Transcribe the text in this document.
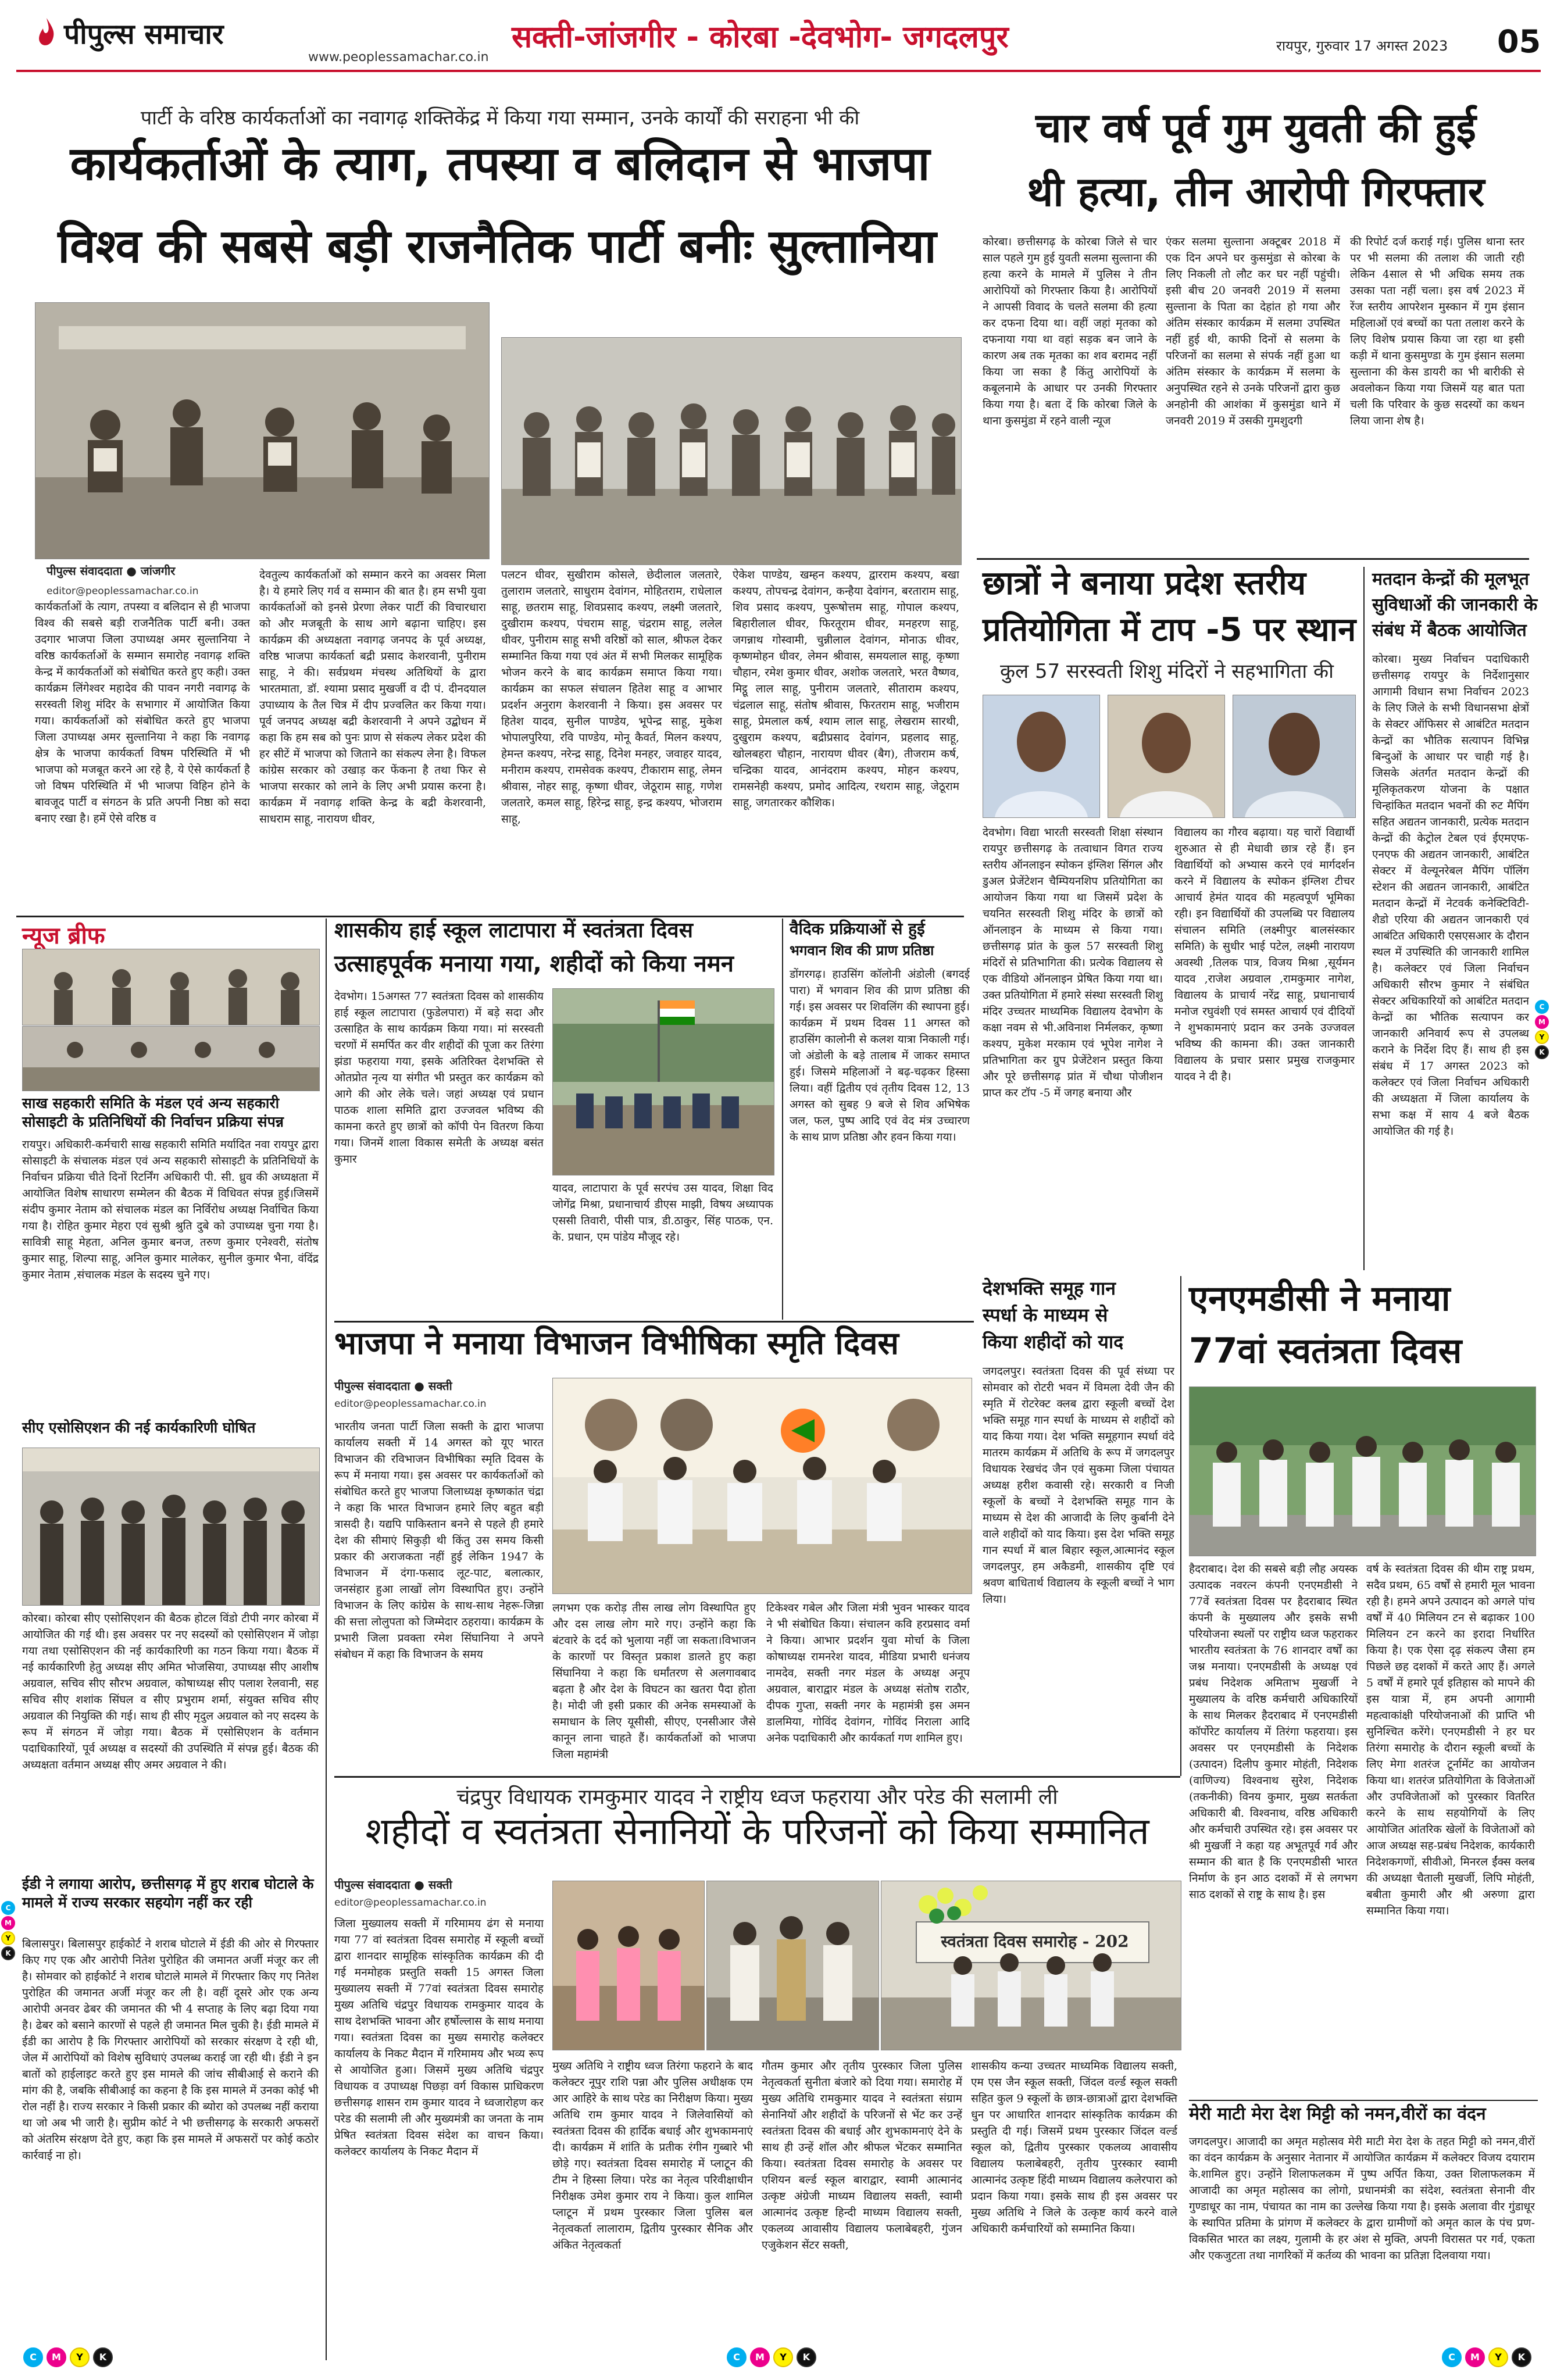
पीपुल्स समाचार
www.peoplessamachar.co.in
सक्ती-जांजगीर - कोरबा -देवभोग- जगदलपुर	रायपुर, गुरुवार 17 अगस्त 2023 05
पार्टी के वरिष्ठ कार्यकर्ताओं का नवागढ़ शक्तिकेंद्र में किया गया सम्मान, उनके कार्यों की सराहना भी की
कार्यकर्ताओं के त्याग, तपस्या व बलिदान से भाजपा
विश्व की सबसे बड़ी राजनैतिक पार्टी बनीः सुल्तानिया
पीपुल्स संवाददाता ● जांजगीर
editor@peoplessamachar.co.in
कार्यकर्ताओं के त्याग, तपस्या व बलिदान से ही भाजपा विश्व की सबसे बड़ी राजनैतिक पार्टी बनी। उक्त उदगार भाजपा जिला उपाध्यक्ष अमर सुल्तानिया ने वरिष्ठ कार्यकर्ताओं के सम्मान समारोह नवागढ़ शक्ति केन्द्र में कार्यकर्ताओं को संबोधित करते हुए कही। उक्त कार्यक्रम लिंगेश्वर महादेव की पावन नगरी नवागढ़ के सरस्वती शिशु मंदिर के सभागार में आयोजित किया गया। कार्यकर्ताओं को संबोधित करते हुए भाजपा जिला उपाध्यक्ष अमर सुल्तानिया ने कहा कि नवागढ़ क्षेत्र के भाजपा कार्यकर्ता विषम परिस्थिति में भी भाजपा को मजबूत करने आ रहे है, ये ऐसे कार्यकर्ता है जो विषम परिस्थिति में भी भाजपा विहिन होने के बावजूद पार्टी व संगठन के प्रति अपनी निष्ठा को सदा बनाए रखा है। हमें ऐसे वरिष्ठ व
देवतुल्य कार्यकर्ताओं को सम्मान करने का अवसर मिला है। ये हमारे लिए गर्व व सम्मान की बात है। हम सभी युवा कार्यकर्ताओं को इनसे प्रेरणा लेकर पार्टी की विचारधारा को और मजबूती के साथ आगे बढ़ाना चाहिए। इस कार्यक्रम की अध्यक्षता नवागढ़ जनपद के पूर्व अध्यक्ष, वरिष्ठ भाजपा कार्यकर्ता बद्री प्रसाद केशरवानी, पुनीराम साहू, ने की। सर्वप्रथम मंचस्थ अतिथियों के द्वारा भारतमाता, डॉ. श्यामा प्रसाद मुखर्जी व दी पं. दीनदयाल उपाध्याय के तैल चित्र में दीप प्रज्वलित कर किया गया। पूर्व जनपद अध्यक्ष बद्री केशरवानी ने अपने उद्बोधन में कहा कि हम सब को पुनः प्राण से संकल्प लेकर प्रदेश की हर सीटें में भाजपा को जिताने का संकल्प लेना है। विफल कांग्रेस सरकार को उखाड़ कर फेंकना है तथा फिर से भाजपा सरकार को लाने के लिए अभी प्रयास करना है। कार्यक्रम में नवागढ़ शक्ति केन्द्र के बद्री केशरवानी, साधराम साहू, नारायण धीवर,
पलटन धीवर, सुखीराम कोसले, छेदीलाल जलतारे, तुलाराम जलतारे, साधुराम देवांगन, मोहितराम, राधेलाल साहू, छतराम साहू, शिवप्रसाद कश्यप, लक्ष्मी जलतारे, दुखीराम कश्यप, पंचराम साहू, चंद्रराम साहू, ललेल धीवर, पुनीराम साहू सभी वरिष्ठों को साल, श्रीफल देकर सम्मानित किया गया एवं अंत में सभी मिलकर सामूहिक भोजन करने के बाद कार्यक्रम समाप्त किया गया। कार्यक्रम का सफल संचालन हितेश साहू व आभार प्रदर्शन अनुराग केशरवानी ने किया। इस अवसर पर हितेश यादव, सुनील पाण्डेय, भूपेन्द्र साहू, मुकेश भोपालपुरिया, रवि पाण्डेय, मोनू कैवर्त, मिलन कश्यप, हेमन्त कश्यप, नरेन्द्र साहू, दिनेश मनहर, जवाहर यादव, मनीराम कश्यप, रामसेवक कश्यप, टीकाराम साहू, लेमन श्रीवास, नोहर साहू, कृष्णा धीवर, जेठूराम साहू, गणेश जलतारे, कमल साहू, हिरेन्द्र साहू, इन्द्र कश्यप, भोजराम साहू,
ऐकेश पाण्डेय, खम्हन कश्यप, द्वारराम कश्यप, बखा कश्यप, तोपचन्द्र देवांगन, कन्हैया देवांगन, बरताराम साहू, शिव प्रसाद कश्यप, पुरूषोत्तम साहू, गोपाल कश्यप, बिहारीलाल धीवर, फिरतूराम धीवर, मनहरण साहू, जगन्नाथ गोस्वामी, चुन्नीलाल देवांगन, मोनाऊ धीवर, कृष्णमोहन धीवर, लेमन श्रीवास, समयलाल साहू, कृष्णा चौहान, रमेश कुमार धीवर, अशोक जलतारे, भरत वैष्णव, मिट्ठू लाल साहू, पुनीराम जलतारे, सीताराम कश्यप, चंद्रलाल साहू, संतोष श्रीवास, फिरतराम साहू, भजीराम साहू, प्रेमलाल कर्ष, श्याम लाल साहू, लेखराम सारथी, दुखुराम कश्यप, बद्रीप्रसाद देवांगन, प्रहलाद साहू, खोलबहरा चौहान, नारायण धीवर (बैग), तीजराम कर्ष, चन्द्रिका यादव, आनंदराम कश्यप, मोहन कश्यप, रामसनेही कश्यप, प्रमोद आदित्य, रथराम साहू, जेठूराम साहू, जगतारकर कौशिक।
चार वर्ष पूर्व गुम युवती की हुई
थी हत्या, तीन आरोपी गिरफ्तार
कोरबा। छत्तीसगढ़ के कोरबा जिले से चार साल पहले गुम हुई युवती सलमा सुल्ताना की हत्या करने के मामले में पुलिस ने तीन आरोपियों को गिरफ्तार किया है। आरोपियों ने आपसी विवाद के चलते सलमा की हत्या कर दफना दिया था। वहीं जहां मृतका को दफनाया गया था वहां सड़क बन जाने के कारण अब तक मृतका का शव बरामद नहीं किया जा सका है किंतु आरोपियों के कबूलनामे के आधार पर उनकी गिरफ्तार किया गया है। बता दें कि कोरबा जिले के थाना कुसमुंडा में रहने वाली न्यूज
एंकर सलमा सुल्ताना अक्टूबर 2018 में एक दिन अपने घर कुसमुंडा से कोरबा के लिए निकली तो लौट कर घर नहीं पहुंची। इसी बीच 20 जनवरी 2019 में सलमा सुल्ताना के पिता का देहांत हो गया और अंतिम संस्कार कार्यक्रम में सलमा उपस्थित नहीं हुई थी, काफी दिनों से सलमा के परिजनों का सलमा से संपर्क नहीं हुआ था अंतिम संस्कार के कार्यक्रम में सलमा के अनुपस्थित रहने से उनके परिजनों द्वारा कुछ अनहोनी की आशंका में कुसमुंडा थाने में जनवरी 2019 में उसकी गुमशुदगी
की रिपोर्ट दर्ज कराई गई। पुलिस थाना स्तर पर भी सलमा की तलाश की जाती रही लेकिन 4साल से भी अधिक समय तक उसका पता नहीं चला। इस वर्ष 2023 में रेंज स्तरीय आपरेशन मुस्कान में गुम इंसान महिलाओं एवं बच्चों का पता तलाश करने के लिए विशेष प्रयास किया जा रहा था इसी कड़ी में थाना कुसमुण्डा के गुम इंसान सलमा सुल्ताना की केस डायरी का भी बारीकी से अवलोकन किया गया जिसमें यह बात पता चली कि परिवार के कुछ सदस्यों का कथन लिया जाना शेष है।
छात्रों ने बनाया प्रदेश स्तरीय
प्रतियोगिता में टाप -5 पर स्थान
कुल 57 सरस्वती शिशु मंदिरों ने सहभागिता की
देवभोग। विद्या भारती सरस्वती शिक्षा संस्थान रायपुर छत्तीसगढ़ के तत्वाधान विगत राज्य स्तरीय ऑनलाइन स्पोकन इंग्लिश सिंगल और डुअल प्रेजेंटेशन चैम्पियनशिप प्रतियोगिता का आयोजन किया गया था जिसमें प्रदेश के चयनित सरस्वती शिशु मंदिर के छात्रों को ऑनलाइन के माध्यम से किया गया। छत्तीसगढ़ प्रांत के कुल 57 सरस्वती शिशु मंदिरों से प्रतिभागिता की। प्रत्येक विद्यालय से एक वीडियो ऑनलाइन प्रेषित किया गया था। उक्त प्रतियोगिता में हमारे संस्था सरस्वती शिशु मंदिर उच्चतर माध्यमिक विद्यालय देवभोग के कक्षा नवम से भी.अविनाश निर्मलकर, कृष्णा कश्यप, मुकेश मरकाम एवं भूपेश नागेश ने प्रतिभागिता कर ग्रुप प्रेजेंटेशन प्रस्तुत किया और पूरे छत्तीसगढ़ प्रांत में चौथा पोजीशन प्राप्त कर टॉप -5 में जगह बनाया और
विद्यालय का गौरव बढ़ाया। यह चारों विद्यार्थी शुरुआत से ही मेधावी छात्र रहे हैं। इन विद्यार्थियों को अभ्यास करने एवं मार्गदर्शन करने में विद्यालय के स्पोकन इंग्लिश टीचर आचार्य हेमंत यादव की महत्वपूर्ण भूमिका रही। इन विद्यार्थियों की उपलब्धि पर विद्यालय संचालन समिति (लक्ष्मीपुर बालसंस्कार समिति) के सुधीर भाई पटेल, लक्ष्मी नारायण अवस्थी ,तिलक पात्र, विजय मिश्रा ,सूर्यमन यादव ,राजेश अग्रवाल ,रामकुमार नागेश, विद्यालय के प्राचार्य नरेंद्र साहू, प्रधानाचार्य मनोज रघुवंशी एवं समस्त आचार्य एवं दीदियों ने शुभकामनाएं प्रदान कर उनके उज्जवल भविष्य की कामना की। उक्त जानकारी विद्यालय के प्रचार प्रसार प्रमुख राजकुमार यादव ने दी है।
मतदान केन्द्रों की मूलभूत
सुविधाओं की जानकारी के
संबंध में बैठक आयोजित
कोरबा। मुख्य निर्वाचन पदाधिकारी छत्तीसगढ़ रायपुर के निर्देशानुसार आगामी विधान सभा निर्वाचन 2023 के लिए जिले के सभी विधानसभा क्षेत्रों के सेक्टर ऑफिसर से आबंटित मतदान केन्द्रों का भौतिक सत्यापन विभिन्न बिन्दुओं के आधार पर चाही गई है। जिसके अंतर्गत मतदान केन्द्रों की मूलिकृतकरण योजना के पक्षात चिन्हांकित मतदान भवनों की रुट मैपिंग सहित अद्यतन जानकारी, प्रत्येक मतदान केन्द्रों की केट्रोल टेबल एवं ईएमएफ- एनएफ की अद्यतन जानकारी, आबंटित सेक्टर में वेल्यूनरेबल मैपिंग पॉलिंग स्टेशन की अद्यतन जानकारी, आबंटित मतदान केन्द्रों में नेटवर्क कनेक्टिविटी- शैडो एरिया की अद्यतन जानकारी एवं आबंटित अधिकारी एसएसआर के दौरान स्थल में उपस्थिति की जानकारी शामिल है। कलेक्टर एवं जिला निर्वाचन अधिकारी सौरभ कुमार ने संबंधित सेक्टर अधिकारियों को आबंटित मतदान केन्द्रों का भौतिक सत्यापन कर जानकारी अनिवार्य रूप से उपलब्ध कराने के निर्देश दिए हैं। साथ ही इस संबंध में 17 अगस्त 2023 को कलेक्टर एवं जिला निर्वाचन अधिकारी की अध्यक्षता में जिला कार्यालय के सभा कक्ष में साय 4 बजे बैठक आयोजित की गई है।
C
M
Y
K
न्यूज ब्रीफ
साख सहकारी समिति के मंडल एवं अन्य सहकारी सोसाइटी के प्रतिनिधियों की निर्वाचन प्रक्रिया संपन्न
रायपुर। अधिकारी-कर्मचारी साख सहकारी समिति मर्यादित नवा रायपुर द्वारा सोसाइटी के संचालक मंडल एवं अन्य सहकारी सोसाइटी के प्रतिनिधियों के निर्वाचन प्रक्रिया चीते दिनों रिटर्निंग अधिकारी पी. सी. ध्रुव की अध्यक्षता में आयोजित विशेष साधारण सम्मेलन की बैठक में विधिवत संपन्न हुई।जिसमें संदीप कुमार नेताम को संचालक मंडल का निर्विरोध अध्यक्ष निर्वाचित किया गया है। रोहित कुमार मेहरा एवं सुश्री श्रुति दुबे को उपाध्यक्ष चुना गया है। सावित्री साहू मेहता, अनिल कुमार बनज, तरुण कुमार एनेश्वरी, संतोष कुमार साहू, शिल्पा साहू, अनिल कुमार मालेकर, सुनील कुमार भैना, वंदिंद्र कुमार नेताम ,संचालक मंडल के सदस्य चुने गए।
सीए एसोसिएशन की नई कार्यकारिणी घोषित
कोरबा। कोरबा सीए एसोसिएशन की बैठक होटल विंडो टीपी नगर कोरबा में आयोजित की गई थी। इस अवसर पर नए सदस्यों को एसोसिएशन में जोड़ा गया तथा एसोसिएशन की नई कार्यकारिणी का गठन किया गया। बैठक में नई कार्यकारिणी हेतु अध्यक्ष सीए अमित भोजसिया, उपाध्यक्ष सीए आशीष अग्रवाल, सचिव सीए सौरभ अग्रवाल, कोषाध्यक्ष सीए पलाश रेलवानी, सह सचिव सीए शशांक सिंघल व सीए प्रभुराम शर्मा, संयुक्त सचिव सीए अग्रवाल की नियुक्ति की गई। साथ ही सीए मृदुल अग्रवाल को नए सदस्य के रूप में संगठन में जोड़ा गया। बैठक में एसोसिएशन के वर्तमान पदाधिकारियों, पूर्व अध्यक्ष व सदस्यों की उपस्थिति में संपन्न हुई। बैठक की अध्यक्षता वर्तमान अध्यक्ष सीए अमर अग्रवाल ने की।
ईडी ने लगाया आरोप, छत्तीसगढ़ में हुए शराब घोटाले के मामले में राज्य सरकार सहयोग नहीं कर रही
बिलासपुर। बिलासपुर हाईकोर्ट ने शराब घोटाले में ईडी की ओर से गिरफ्तार किए गए एक और आरोपी नितेश पुरोहित की जमानत अर्जी मंजूर कर ली है। सोमवार को हाईकोर्ट ने शराब घोटाले मामले में गिरफ्तार किए गए नितेश पुरोहित की जमानत अर्जी मंजूर कर ली है। वहीं दूसरे ओर एक अन्य आरोपी अनवर ढेबर की जमानत की भी 4 सप्ताह के लिए बढ़ा दिया गया है। ढेबर को बसाने कारणों से पहले ही जमानत मिल चुकी है। ईडी मामले में ईडी का आरोप है कि गिरफ्तार आरोपियों को सरकार संरक्षण दे रही थी, जेल में आरोपियों को विशेष सुविधाएं उपलब्ध कराई जा रही थी। ईडी ने इन बातों को हाईलाइट करते हुए इस मामले की जांच सीबीआई से कराने की मांग की है, जबकि सीबीआई का कहना है कि इस मामले में उनका कोई भी रोल नहीं है। राज्य सरकार ने किसी प्रकार की ब्योरा को उपलब्ध नहीं कराया था जो अब भी जारी है। सुप्रीम कोर्ट ने भी छत्तीसगढ़ के सरकारी अफसरों को अंतरिम संरक्षण देते हुए, कहा कि इस मामले में अफसरों पर कोई कठोर कार्रवाई ना हो।
C
M
Y
K
शासकीय हाई स्कूल लाटापारा में स्वतंत्रता दिवस
उत्साहपूर्वक मनाया गया, शहीदों को किया नमन
देवभोग। 15अगस्त 77 स्वतंत्रता दिवस को शासकीय हाई स्कूल लाटापारा (फुडेलपारा) में बड़े सदा और उत्साहित के साथ कार्यक्रम किया गया। मां सरस्वती चरणों में समर्पित कर वीर शहीदों की पूजा कर तिरंगा झंडा फहराया गया, इसके अतिरिक्त देशभक्ति से ओतप्रोत नृत्य या संगीत भी प्रस्तुत कर कार्यक्रम को आगे की ओर लेके चले। जहां अध्यक्ष एवं प्रधान पाठक शाला समिति द्वारा उज्जवल भविष्य की कामना करते हुए छात्रों को कॉपी पेन वितरण किया गया। जिनमें शाला विकास समेती के अध्यक्ष बसंत कुमार
यादव, लाटापारा के पूर्व सरपंच उस यादव, शिक्षा विद जोगेंद्र मिश्रा, प्रधानाचार्य डीएस माझी, विषय अध्यापक एससी तिवारी, पीसी पात्र, डी.ठाकुर, सिंह पाठक, एन. के. प्रधान, एम पांडेय मौजूद रहे।
वैदिक प्रक्रियाओं से हुई
भगवान शिव की प्राण प्रतिष्ठा
डोंगरगढ़। हाउसिंग कॉलोनी अंडोली (बगदई पारा) में भगवान शिव की प्राण प्रतिष्ठा की गई। इस अवसर पर शिवलिंग की स्थापना हुई। कार्यक्रम में प्रथम दिवस 11 अगस्त को हाउसिंग कालोनी से कलश यात्रा निकाली गई। जो अंडोली के बड़े तालाब में जाकर समाप्त हुई। जिसमे महिलाओं ने बढ़-चढ़कर हिस्सा लिया। वहीं द्वितीय एवं तृतीय दिवस 12, 13 अगस्त को सुबह 9 बजे से शिव अभिषेक जल, फल, पुष्प आदि एवं वेद मंत्र उच्चारण के साथ प्राण प्रतिष्ठा और हवन किया गया।
भाजपा ने मनाया विभाजन विभीषिका स्मृति दिवस
पीपुल्स संवाददाता ● सक्ती
editor@peoplessamachar.co.in
भारतीय जनता पार्टी जिला सक्ती के द्वारा भाजपा कार्यालय सक्ती में 14 अगस्त को यूए भारत विभाजन की रविभाजन विभीषिका स्मृति दिवस के रूप में मनाया गया। इस अवसर पर कार्यकर्ताओं को संबोधित करते हुए भाजपा जिलाध्यक्ष कृष्णकांत चंद्रा ने कहा कि भारत विभाजन हमारे लिए बहुत बड़ी त्रासदी है। यद्यपि पाकिस्तान बनने से पहले ही हमारे देश की सीमाएं सिकुड़ी थी किंतु उस समय किसी प्रकार की अराजकता नहीं हुई लेकिन 1947 के विभाजन में दंगा-फसाद लूट-पाट, बलात्कार, जनसंहार हुआ लाखों लोग विस्थापित हुए। उन्होंने विभाजन के लिए कांग्रेस के साथ-साथ नेहरू-जिन्ना की सत्ता लोलुपता को जिम्मेदार ठहराया। कार्यक्रम के प्रभारी जिला प्रवक्ता रमेश सिंघानिया ने अपने संबोधन में कहा कि विभाजन के समय
लगभग एक करोड़ तीस लाख लोग विस्थापित हुए और दस लाख लोग मारे गए। उन्होंने कहा कि बंटवारे के दर्द को भुलाया नहीं जा सकता।विभाजन के कारणों पर विस्तृत प्रकाश डालते हुए कहा सिंघानिया ने कहा कि धर्मांतरण से अलगावबाद बढ़ता है और देश के विघटन का खतरा पैदा होता है। मोदी जी इसी प्रकार की अनेक समस्याओं के समाधान के लिए यूसीसी, सीएए, एनसीआर जैसे कानून लाना चाहते हैं। कार्यकर्ताओं को भाजपा जिला महामंत्री
टिकेश्वर गबेल और जिला मंत्री भुवन भास्कर यादव ने भी संबोधित किया। संचालन कवि हरप्रसाद वर्मा ने किया। आभार प्रदर्शन युवा मोर्चा के जिला कोषाध्यक्ष रामनरेश यादव, मीडिया प्रभारी धनंजय नामदेव, सक्ती नगर मंडल के अध्यक्ष अनूप अग्रवाल, बाराद्वार मंडल के अध्यक्ष संतोष राठौर, दीपक गुप्ता, सक्ती नगर के महामंत्री इस अमन डालमिया, गोविंद देवांगन, गोविंद निराला आदि अनेक पदाधिकारी और कार्यकर्ता गण शामिल हुए।
देशभक्ति समूह गान
स्पर्धा के माध्यम से
किया शहीदों को याद
जगदलपुर। स्वतंत्रता दिवस की पूर्व संध्या पर सोमवार को रोटरी भवन में विमला देवी जैन की स्मृति में रोटरेक्ट क्लब द्वारा स्कूली बच्चों देश भक्ति समूह गान स्पर्धा के माध्यम से शहीदों को याद किया गया। देश भक्ति समूहगान स्पर्धा वंदे मातरम कार्यक्रम में अतिथि के रूप में जगदलपुर विधायक रेखचंद जैन एवं सुकमा जिला पंचायत अध्यक्ष हरीश कवासी रहे। सरकारी व निजी स्कूलों के बच्चों ने देशभक्ति समूह गान के माध्यम से देश की आजादी के लिए कुर्बानी देने वाले शहीदों को याद किया। इस देश भक्ति समूह गान स्पर्धा में बाल बिहार स्कूल,आत्मानंद स्कूल जगदलपुर, हम अकैडमी, शासकीय दृष्टि एवं श्रवण बाधितार्थ विद्यालय के स्कूली बच्चों ने भाग लिया।
एनएमडीसी ने मनाया
77वां स्वतंत्रता दिवस
हैदराबाद। देश की सबसे बड़ी लौह अयस्क उत्पादक नवरत्न कंपनी एनएमडीसी ने 77वें स्वतंत्रता दिवस पर हैदराबाद स्थित कंपनी के मुख्यालय और इसके सभी परियोजना स्थलों पर राष्ट्रीय ध्वज फहराकर भारतीय स्वतंत्रता के 76 शानदार वर्षों का जश्न मनाया। एनएमडीसी के अध्यक्ष एवं प्रबंध निदेशक अमिताभ मुखर्जी ने मुख्यालय के वरिष्ठ कर्मचारी अधिकारियों के साथ मिलकर हैदराबाद में एनएमडीसी कॉर्पोरेट कार्यालय में तिरंगा फहराया। इस अवसर पर एनएमडीसी के निदेशक (उत्पादन) दिलीप कुमार मोहंती, निदेशक (वाणिज्य) विश्वनाथ सुरेश, निदेशक (तकनीकी) विनय कुमार, मुख्य सतर्कता अधिकारी बी. विश्वनाथ, वरिष्ठ अधिकारी और कर्मचारी उपस्थित रहे। इस अवसर पर श्री मुखर्जी ने कहा यह अभूतपूर्व गर्व और सम्मान की बात है कि एनएमडीसी भारत निर्माण के इन आठ दशकों में से लगभग साठ दशकों से राष्ट्र के साथ है। इस
वर्ष के स्वतंत्रता दिवस की थीम राष्ट्र प्रथम, सदैव प्रथम, 65 वर्षों से हमारी मूल भावना रही है। हमने अपने उत्पादन को अगले पांच वर्षों में 40 मिलियन टन से बढ़ाकर 100 मिलियन टन करने का इरादा निर्धारित किया है। एक ऐसा दृढ़ संकल्प जैसा हम पिछले छह दशकों में करते आए हैं। अगले 5 वर्षों में हमारे पूर्व इतिहास को मापने की इस यात्रा में, हम अपनी आगामी महत्वाकांक्षी परियोजनाओं की प्राप्ति भी सुनिश्चित करेंगे। एनएमडीसी ने हर घर तिरंगा समारोह के दौरान स्कूली बच्चों के लिए मेगा शतरंज टूर्नामेंट का आयोजन किया था। शतरंज प्रतियोगिता के विजेताओं और उपविजेताओं को पुरस्कार वितरित करने के साथ सहयोगियों के लिए आयोजित आंतरिक खेलों के विजेताओं को आज अध्यक्ष सह-प्रबंध निदेशक, कार्यकारी निदेशकगणों, सीवीओ, मिनरल ईंक्स क्लब की अध्यक्षा चैताली मुखर्जी, लिपि मोहंती, बबीता कुमारी और श्री अरुणा द्वारा सम्मानित किया गया।
मेरी माटी मेरा देश मिट्टी को नमन,वीरों का वंदन
जगदलपुर। आजादी का अमृत महोत्सव मेरी माटी मेरा देश के तहत मिट्टी को नमन,वीरों का वंदन कार्यक्रम के अनुसार नेतानार में आयोजित कार्यक्रम में कलेक्टर विजय दयाराम के.शामिल हुए। उन्होंने शिलाफलकम में पुष्प अर्पित किया, उक्त शिलाफलकम में आजादी का अमृत महोत्सव का लोगो, प्रधानमंत्री का संदेश, स्वतंत्रता सेनानी वीर गुण्डाधूर का नाम, पंचायत का नाम का उल्लेख किया गया है। इसके अलावा वीर गुंडाधूर के स्थापित प्रतिमा के प्रांगण में कलेक्टर के द्वारा ग्रामीणों को अमृत काल के पंच प्रण- विकसित भारत का लक्ष्य, गुलामी के हर अंश से मुक्ति, अपनी विरासत पर गर्व, एकता और एकजुटता तथा नागरिकों में कर्तव्य की भावना का प्रतिज्ञा दिलवाया गया।
चंद्रपुर विधायक रामकुमार यादव ने राष्ट्रीय ध्वज फहराया और परेड की सलामी ली
शहीदों व स्वतंत्रता सेनानियों के परिजनों को किया सम्मानित
पीपुल्स संवाददाता ● सक्ती
editor@peoplessamachar.co.in
जिला मुख्यालय सक्ती में गरिमामय ढंग से मनाया गया 77 वां स्वतंत्रता दिवस समारोह में स्कूली बच्चों द्वारा शानदार सामूहिक सांस्कृतिक कार्यक्रम की दी गई मनमोहक प्रस्तुति सक्ती 15 अगस्त जिला मुख्यालय सक्ती में 77वां स्वतंत्रता दिवस समारोह मुख्य अतिथि चंद्रपुर विधायक रामकुमार यादव के साथ देशभक्ति भावना और हर्षोल्लास के साथ मनाया गया। स्वतंत्रता दिवस का मुख्य समारोह कलेक्टर कार्यालय के निकट मैदान में गरिमामय और भव्य रूप से आयोजित हुआ। जिसमें मुख्य अतिथि चंद्रपुर विधायक व उपाध्यक्ष पिछड़ा वर्ग विकास प्राधिकरण छत्तीसगढ़ शासन राम कुमार यादव ने ध्वजारोहण कर परेड की सलामी ली और मुख्यमंत्री का जनता के नाम प्रेषित स्वतंत्रता दिवस संदेश का वाचन किया। कलेक्टर कार्यालय के निकट मैदान में
स्वतंत्रता दिवस समारोह - 202
मुख्य अतिथि ने राष्ट्रीय ध्वज तिरंगा फहराने के बाद कलेक्टर नूपुर राशि पन्ना और पुलिस अधीक्षक एम आर आहिरे के साथ परेड का निरीक्षण किया। मुख्य अतिथि राम कुमार यादव ने जिलेवासियों को स्वतंत्रता दिवस की हार्दिक बधाई और शुभकामनाएं दी। कार्यक्रम में शांति के प्रतीक रंगीन गुब्बारे भी छोड़े गए। स्वतंत्रता दिवस समारोह में प्लाटून की टीम ने हिस्सा लिया। परेड का नेतृत्व परिवीक्षाधीन निरीक्षक उमेश कुमार राय ने किया। कुल शामिल प्लाटून में प्रथम पुरस्कार जिला पुलिस बल नेतृत्वकर्ता लालाराम, द्वितीय पुरस्कार सैनिक और अंकित नेतृत्वकर्ता
गौतम कुमार और तृतीय पुरस्कार जिला पुलिस नेतृत्वकर्ता सुनीता बंजारे को दिया गया। समारोह में मुख्य अतिथि रामकुमार यादव ने स्वतंत्रता संग्राम सेनानियों और शहीदों के परिजनों से भेंट कर उन्हें स्वतंत्रता दिवस की बधाई और शुभकामनाएं देने के साथ ही उन्हें शॉल और श्रीफल भेंटकर सम्मानित किया। स्वतंत्रता दिवस समारोह के अवसर पर एशियन बर्ल्ड स्कूल बाराद्वार, स्वामी आत्मानंद उत्कृष्ट अंग्रेजी माध्यम विद्यालय सक्ती, स्वामी आत्मानंद उत्कृष्ट हिन्दी माध्यम विद्यालय सक्ती, एकलव्य आवासीय विद्यालय फलाबेबहरी, गुंजन एजुकेशन सेंटर सक्ती,
शासकीय कन्या उच्चतर माध्यमिक विद्यालय सक्ती, एम एस जैन स्कूल सक्ती, जिंदल वर्ल्ड स्कूल सक्ती सहित कुल 9 स्कूलों के छात्र-छात्राओं द्वारा देशभक्ति धुन पर आधारित शानदार सांस्कृतिक कार्यक्रम की प्रस्तुति दी गई। जिसमें प्रथम पुरस्कार जिंदल वर्ल्ड स्कूल को, द्वितीय पुरस्कार एकलव्य आवासीय विद्यालय फलाबेबहरी, तृतीय पुरस्कार स्वामी आत्मानंद उत्कृष्ट हिंदी माध्यम विद्यालय कलेरपारा को प्रदान किया गया। इसके साथ ही इस अवसर पर मुख्य अतिथि ने जिले के उत्कृष्ट कार्य करने वाले अधिकारी कर्मचारियों को सम्मानित किया।
C	M	Y	K	C	M	Y	K	C	M	Y	K
